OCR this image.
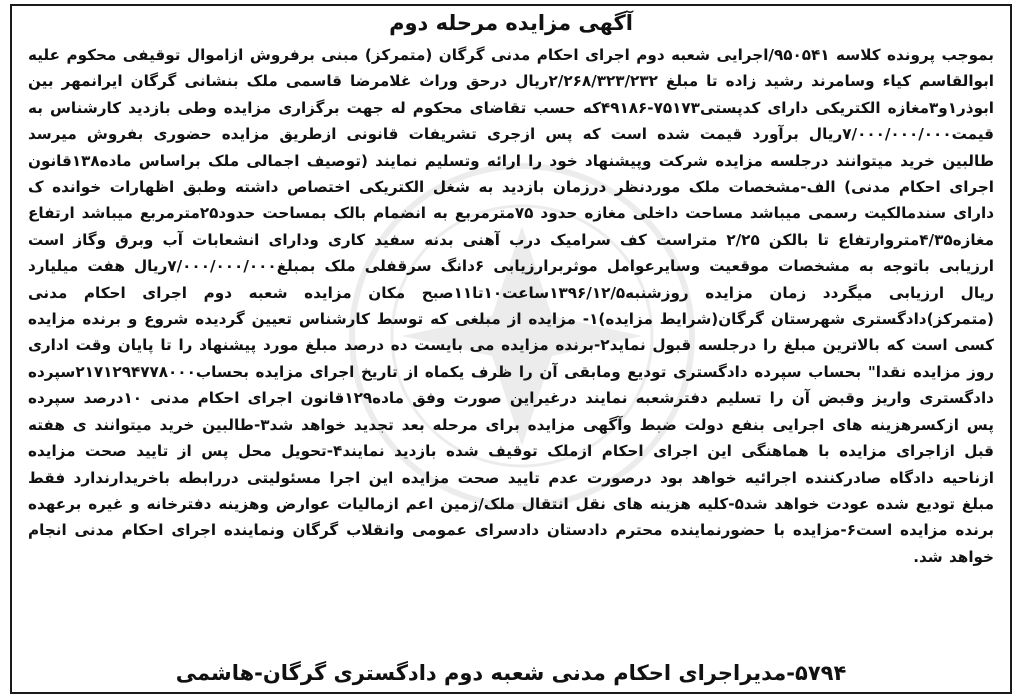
آگهی مزایده مرحله دوم

بموجب پرونده کلاسه ۹۵۰۵۴۱/اجرایی شعبه دوم اجرای احکام مدنی گرگان (متمرکز) مبنی برفروش ازاموال توقیفی محکوم علیه ابوالقاسم کیاء وسامرند رشید زاده تا مبلغ ۲/۲۶۸/۳۲۳/۲۳۲ریال درحق وراث غلامرضا قاسمی ملک بنشانی گرگان ایرانمهر بین ابوذر۱و۳مغازه الکتریکی دارای کدپستی۷۵۱۷۳-۴۹۱۸۶که حسب تقاضای محکوم له جهت برگزاری مزایده وطی بازدید کارشناس به قیمت۷/۰۰۰/۰۰۰/۰۰۰ریال برآورد قیمت شده است که پس ازجری تشریفات قانونی ازطریق مزایده حضوری بفروش میرسد طالبین خرید میتوانند درجلسه مزایده شرکت وپیشنهاد خود را ارائه وتسلیم نمایند (توصیف اجمالی ملک براساس ماده۱۳۸قانون اجرای احکام مدنی) الف-مشخصات ملک موردنظر درزمان بازدید به شغل الکتریکی اختصاص داشته وطبق اظهارات خوانده ک دارای سندمالکیت رسمی میباشد مساحت داخلی مغازه حدود ۷۵مترمربع به انضمام بالک بمساحت حدود۲۵مترمربع میباشد ارتفاع مغازه۴/۳۵متروارتفاع تا بالکن ۲/۲۵ متراست کف سرامیک درب آهنی بدنه سفید کاری ودارای انشعابات آب وبرق وگاز است ارزیابی باتوجه به مشخصات موقعیت وسایرعوامل موثربرارزیابی ۶دانگ سرقفلی ملک بمبلغ۷/۰۰۰/۰۰۰/۰۰۰ریال هفت میلیارد ریال ارزیابی میگردد زمان مزایده روزشنبه۱۳۹۶/۱۲/۵ساعت۱۰تا۱۱صبح مکان مزایده شعبه دوم اجرای احکام مدنی (متمرکز)دادگستری شهرستان گرگان(شرایط مزایده)۱- مزایده از مبلغی که توسط کارشناس تعیین گردیده شروع و برنده مزایده کسی است که بالاترین مبلغ را درجلسه قبول نماید۲-برنده مزایده می بایست ده درصد مبلغ مورد پیشنهاد را تا پایان وقت اداری روز مزایده نقدا" بحساب سپرده دادگستری تودیع ومابقی آن را ظرف یکماه از تاریخ اجرای مزایده بحساب۲۱۷۱۲۹۴۷۷۸۰۰۰سپرده دادگستری واریز وقبض آن را تسلیم دفترشعبه نمایند درغیراین صورت وفق ماده۱۲۹قانون اجرای احکام مدنی ۱۰درصد سپرده پس ازکسرهزینه های اجرایی بنفع دولت ضبط وآگهی مزایده برای مرحله بعد تجدید خواهد شد۳-طالبین خرید میتوانند ی هفته قبل ازاجرای مزایده با هماهنگی این اجرای احکام ازملک توقیف شده بازدید نمایند۴-تحویل محل پس از تایید صحت مزایده ازناحیه دادگاه صادرکننده اجرائیه خواهد بود درصورت عدم تایید صحت مزایده این اجرا مسئولیتی دررابطه باخریدارندارد فقط مبلغ تودیع شده عودت خواهد شد۵-کلیه هزینه های نقل انتقال ملک/زمین اعم ازمالیات عوارض وهزینه دفترخانه و غیره برعهده برنده مزایده است۶-مزایده با حضورنماینده محترم دادستان دادسرای عمومی وانقلاب گرگان ونماینده اجرای احکام مدنی انجام خواهد شد.

۵۷۹۴-مدیراجرای احکام مدنی شعبه دوم دادگستری گرگان-هاشمی
